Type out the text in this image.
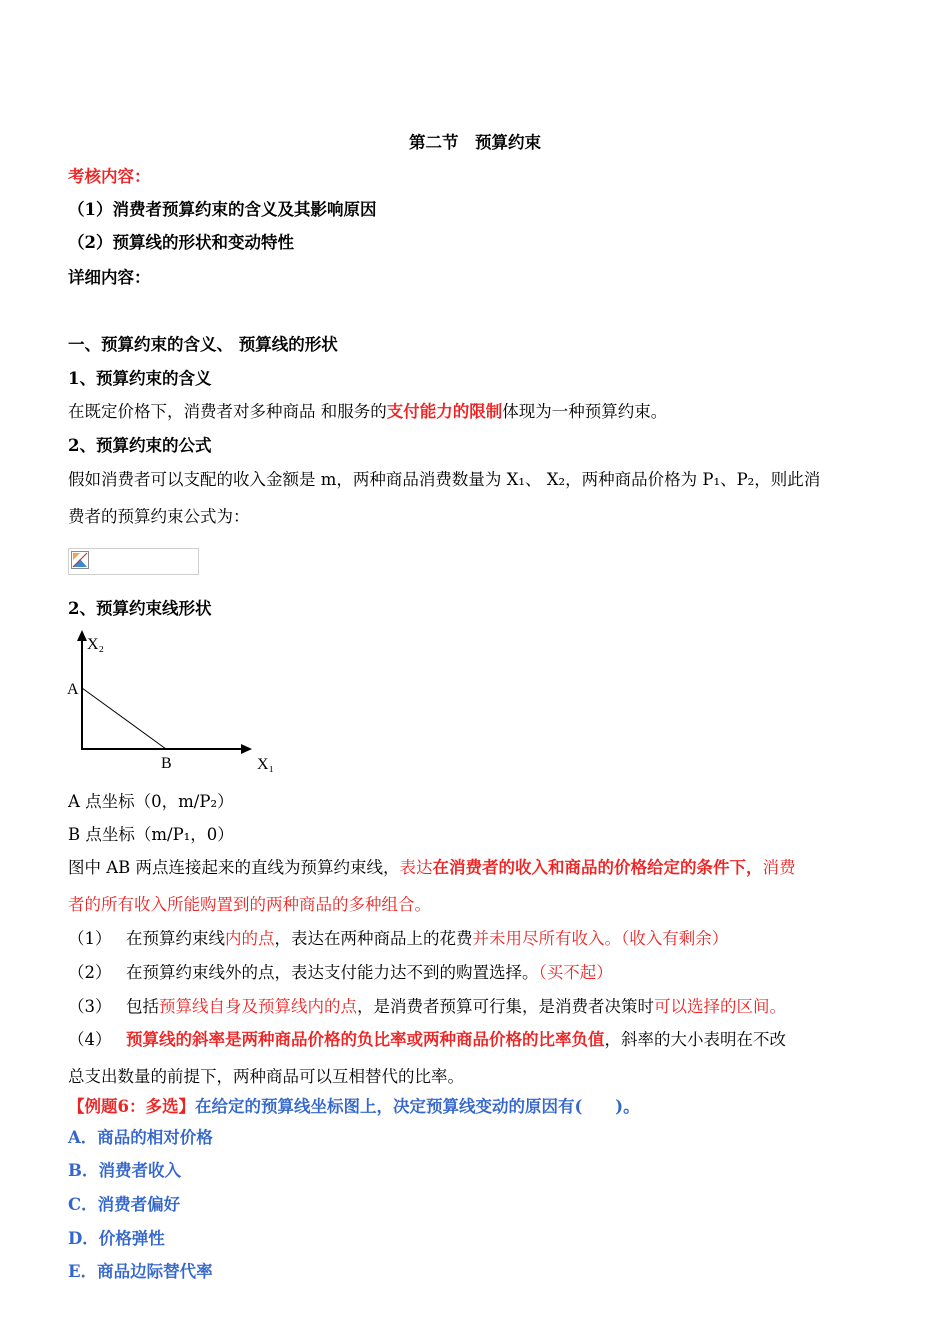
第二节　预算约束
考核内容：
（1）消费者预算约束的含义及其影响原因
（2）预算线的形状和变动特性
详细内容：
一、预算约束的含义、 预算线的形状
1、预算约束的含义
在既定价格下，消费者对多种商品 和服务的支付能力的限制体现为一种预算约束。
2、预算约束的公式
假如消费者可以支配的收入金额是 m，两种商品消费数量为 X₁、 X₂，两种商品价格为 P₁、P₂，则此消
费者的预算约束公式为：
2、预算约束线形状
X₂
A
B	X₁
A 点坐标（0，m/P₂）
B 点坐标（m/P₁，0）
图中 AB 两点连接起来的直线为预算约束线，表达在消费者的收入和商品的价格给定的条件下，消费
者的所有收入所能购置到的两种商品的多种组合。
（1） 在预算约束线内的点，表达在两种商品上的花费并未用尽所有收入。（收入有剩余）
（2） 在预算约束线外的点，表达支付能力达不到的购置选择。（买不起）
（3） 包括预算线自身及预算线内的点，是消费者预算可行集，是消费者决策时可以选择的区间。
（4） 预算线的斜率是两种商品价格的负比率或两种商品价格的比率负值，斜率的大小表明在不改
总支出数量的前提下，两种商品可以互相替代的比率。
【例题6：多选】在给定的预算线坐标图上，决定预算线变动的原因有(　　)。
A．商品的相对价格
B．消费者收入
C．消费者偏好
D．价格弹性
E．商品边际替代率
